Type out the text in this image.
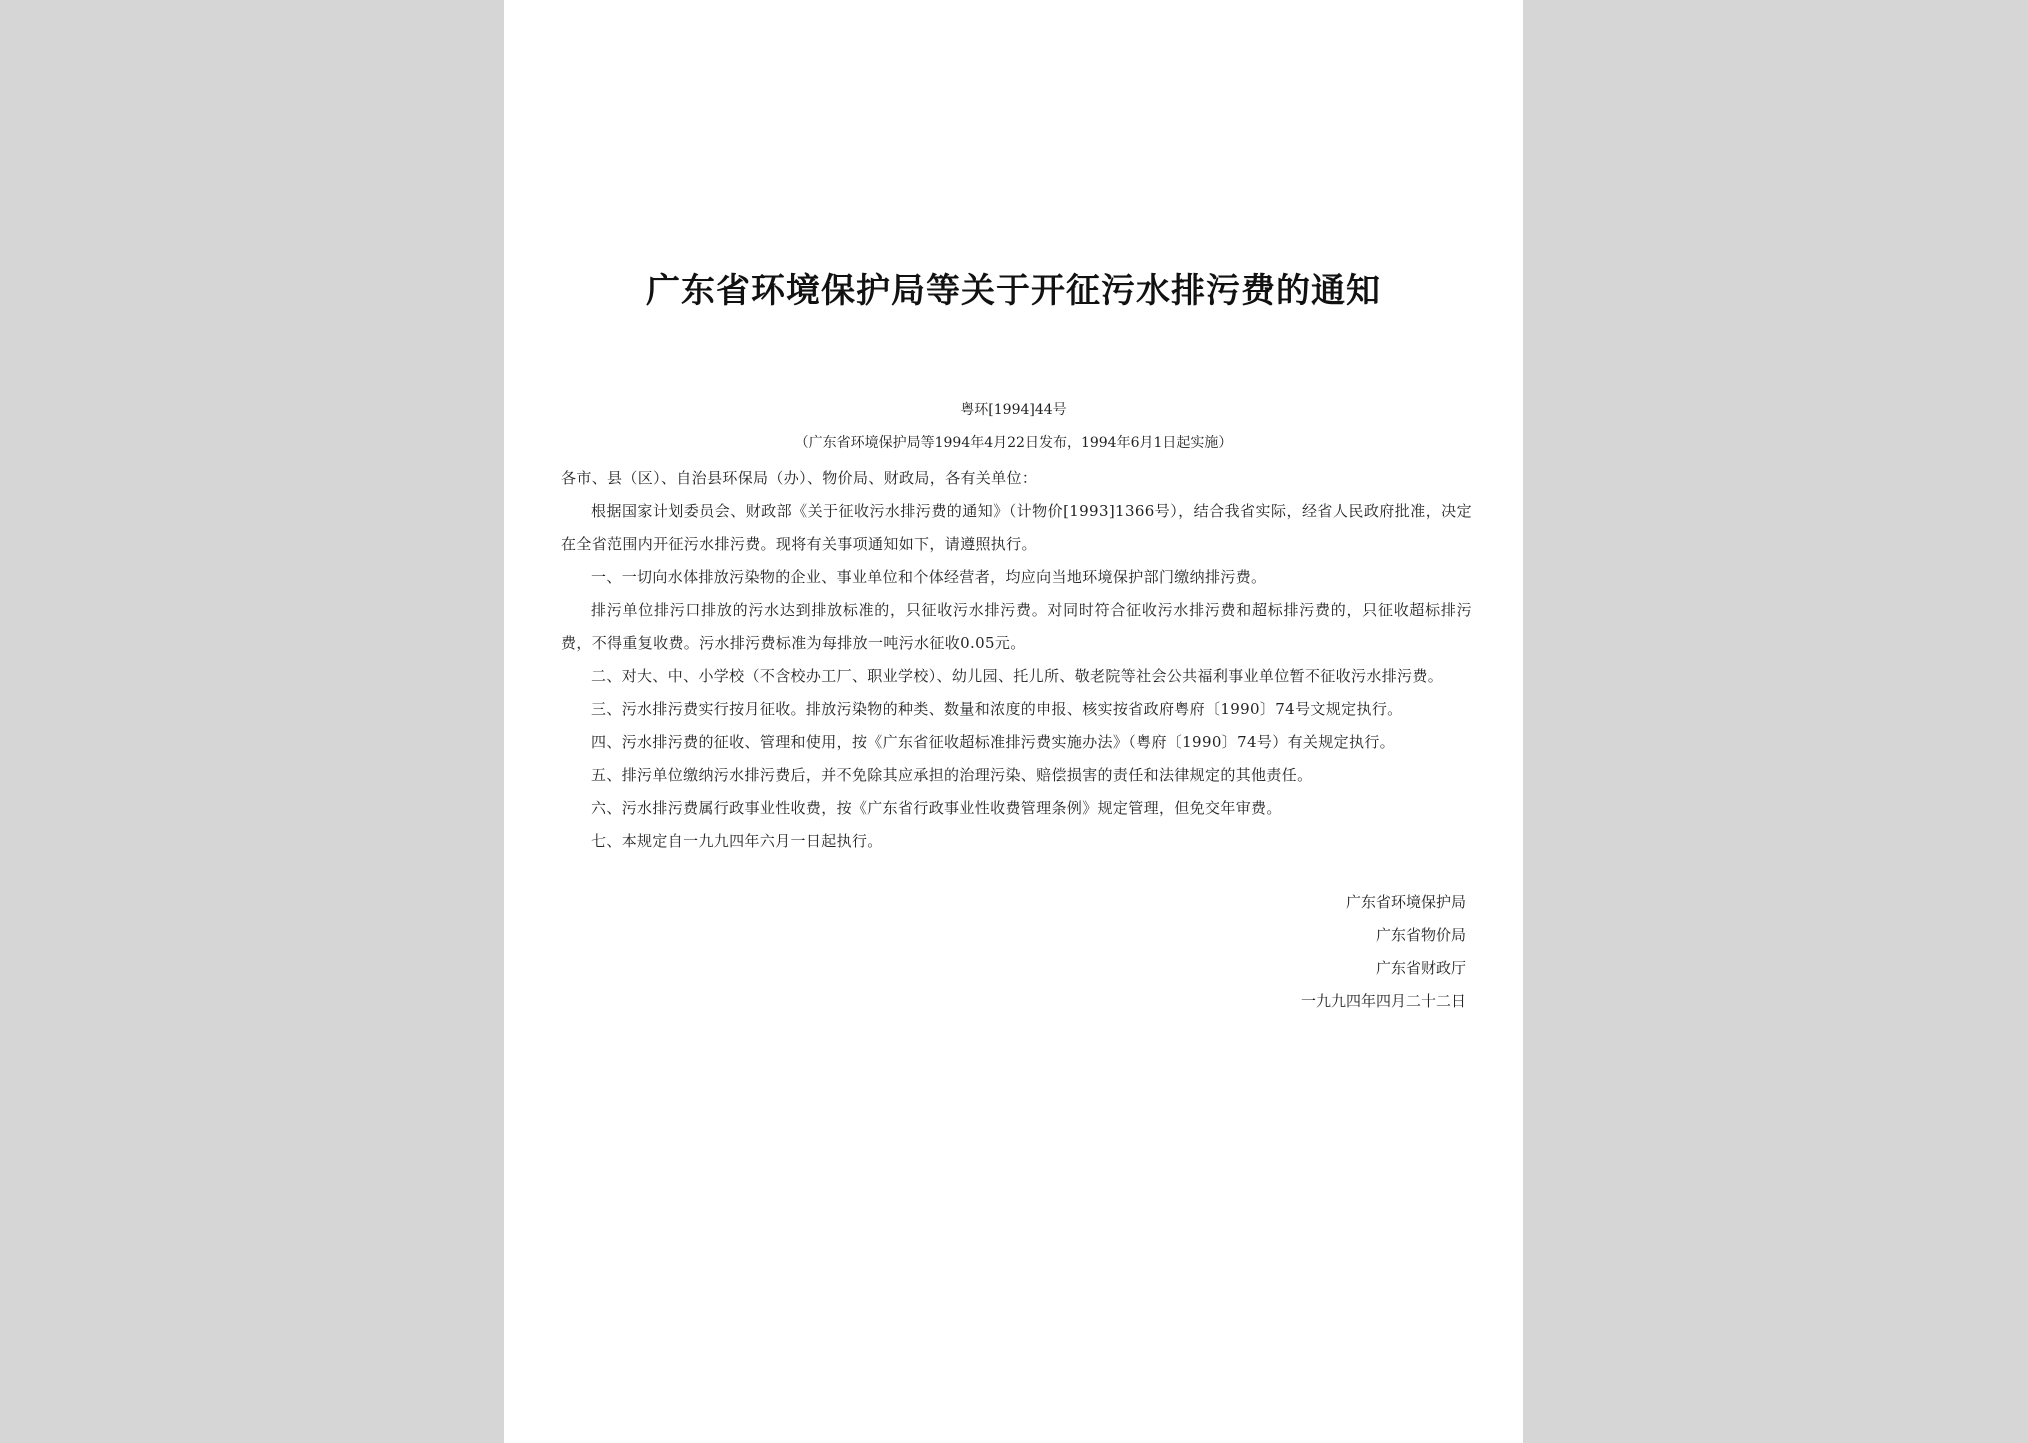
广东省环境保护局等关于开征污水排污费的通知
粤环[1994]44号
（广东省环境保护局等1994年4月22日发布，1994年6月1日起实施）

各市、县（区）、自治县环保局（办）、物价局、财政局，各有关单位：

根据国家计划委员会、财政部《关于征收污水排污费的通知》（计物价[1993]1366号），结合我省实际，经省人民政府批准，决定在全省范围内开征污水排污费。现将有关事项通知如下，请遵照执行。

一、一切向水体排放污染物的企业、事业单位和个体经营者，均应向当地环境保护部门缴纳排污费。

排污单位排污口排放的污水达到排放标准的，只征收污水排污费。对同时符合征收污水排污费和超标排污费的，只征收超标排污费，不得重复收费。污水排污费标准为每排放一吨污水征收0.05元。

二、对大、中、小学校（不含校办工厂、职业学校）、幼儿园、托儿所、敬老院等社会公共福利事业单位暂不征收污水排污费。

三、污水排污费实行按月征收。排放污染物的种类、数量和浓度的申报、核实按省政府粤府〔1990〕74号文规定执行。

四、污水排污费的征收、管理和使用，按《广东省征收超标准排污费实施办法》（粤府〔1990〕74号）有关规定执行。

五、排污单位缴纳污水排污费后，并不免除其应承担的治理污染、赔偿损害的责任和法律规定的其他责任。

六、污水排污费属行政事业性收费，按《广东省行政事业性收费管理条例》规定管理，但免交年审费。

七、本规定自一九九四年六月一日起执行。

广东省环境保护局
广东省物价局
广东省财政厅
一九九四年四月二十二日
